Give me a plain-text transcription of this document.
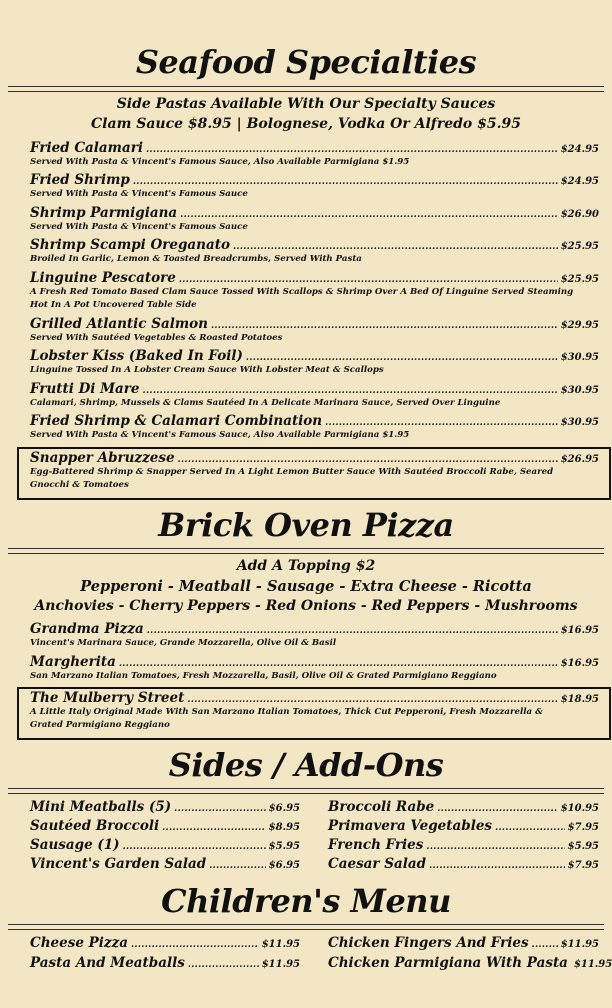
Seafood Specialties
Side Pastas Available With Our Specialty Sauces
Clam Sauce $8.95 | Bolognese, Vodka Or Alfredo $5.95
Fried Calamari .....	$24.95
Served With Pasta & Vincent's Famous Sauce, Also Available Parmigiana $1.95
Fried Shrimp .....	$24.95
Served With Pasta & Vincent's Famous Sauce
Shrimp Parmigiana .....	$26.90
Served With Pasta & Vincent's Famous Sauce
Shrimp Scampi Oreganato .....	$25.95
Broiled In Garlic, Lemon & Toasted Breadcrumbs, Served With Pasta
Linguine Pescatore .....	$25.95
A Fresh Red Tomato Based Clam Sauce Tossed With Scallops & Shrimp Over A Bed Of Linguine Served Steaming Hot In A Pot Uncovered Table Side
Grilled Atlantic Salmon .....	$29.95
Served With Sautéed Vegetables & Roasted Potatoes
Lobster Kiss (Baked In Foil) .....	$30.95
Linguine Tossed In A Lobster Cream Sauce With Lobster Meat & Scallops
Frutti Di Mare .....	$30.95
Calamari, Shrimp, Mussels & Clams Sautéed In A Delicate Marinara Sauce, Served Over Linguine
Fried Shrimp & Calamari Combination .....	$30.95
Served With Pasta & Vincent's Famous Sauce, Also Available Parmigiana $1.95
Snapper Abruzzese .....	$26.95
Egg-Battered Shrimp & Snapper Served In A Light Lemon Butter Sauce With Sautéed Broccoli Rabe, Seared Gnocchi & Tomatoes
Brick Oven Pizza
Add A Topping $2
Pepperoni - Meatball - Sausage - Extra Cheese - Ricotta
Anchovies - Cherry Peppers - Red Onions - Red Peppers - Mushrooms
Grandma Pizza .....	$16.95
Vincent's Marinara Sauce, Grande Mozzarella, Olive Oil & Basil
Margherita .....	$16.95
San Marzano Italian Tomatoes, Fresh Mozzarella, Basil, Olive Oil & Grated Parmigiano Reggiano
The Mulberry Street .....	$18.95
A Little Italy Original Made With San Marzano Italian Tomatoes, Thick Cut Pepperoni, Fresh Mozzarella & Grated Parmigiano Reggiano
Sides / Add-Ons
Mini Meatballs (5) .....	$6.95
Sautéed Broccoli .....	$8.95
Sausage (1) .....	$5.95
Vincent's Garden Salad .....	$6.95
Broccoli Rabe .....	$10.95
Primavera Vegetables .....	$7.95
French Fries .....	$5.95
Caesar Salad .....	$7.95
Children's Menu
Cheese Pizza .....	$11.95
Pasta And Meatballs .....	$11.95
Chicken Fingers And Fries .....	$11.95
Chicken Parmigiana With Pasta $11.95
